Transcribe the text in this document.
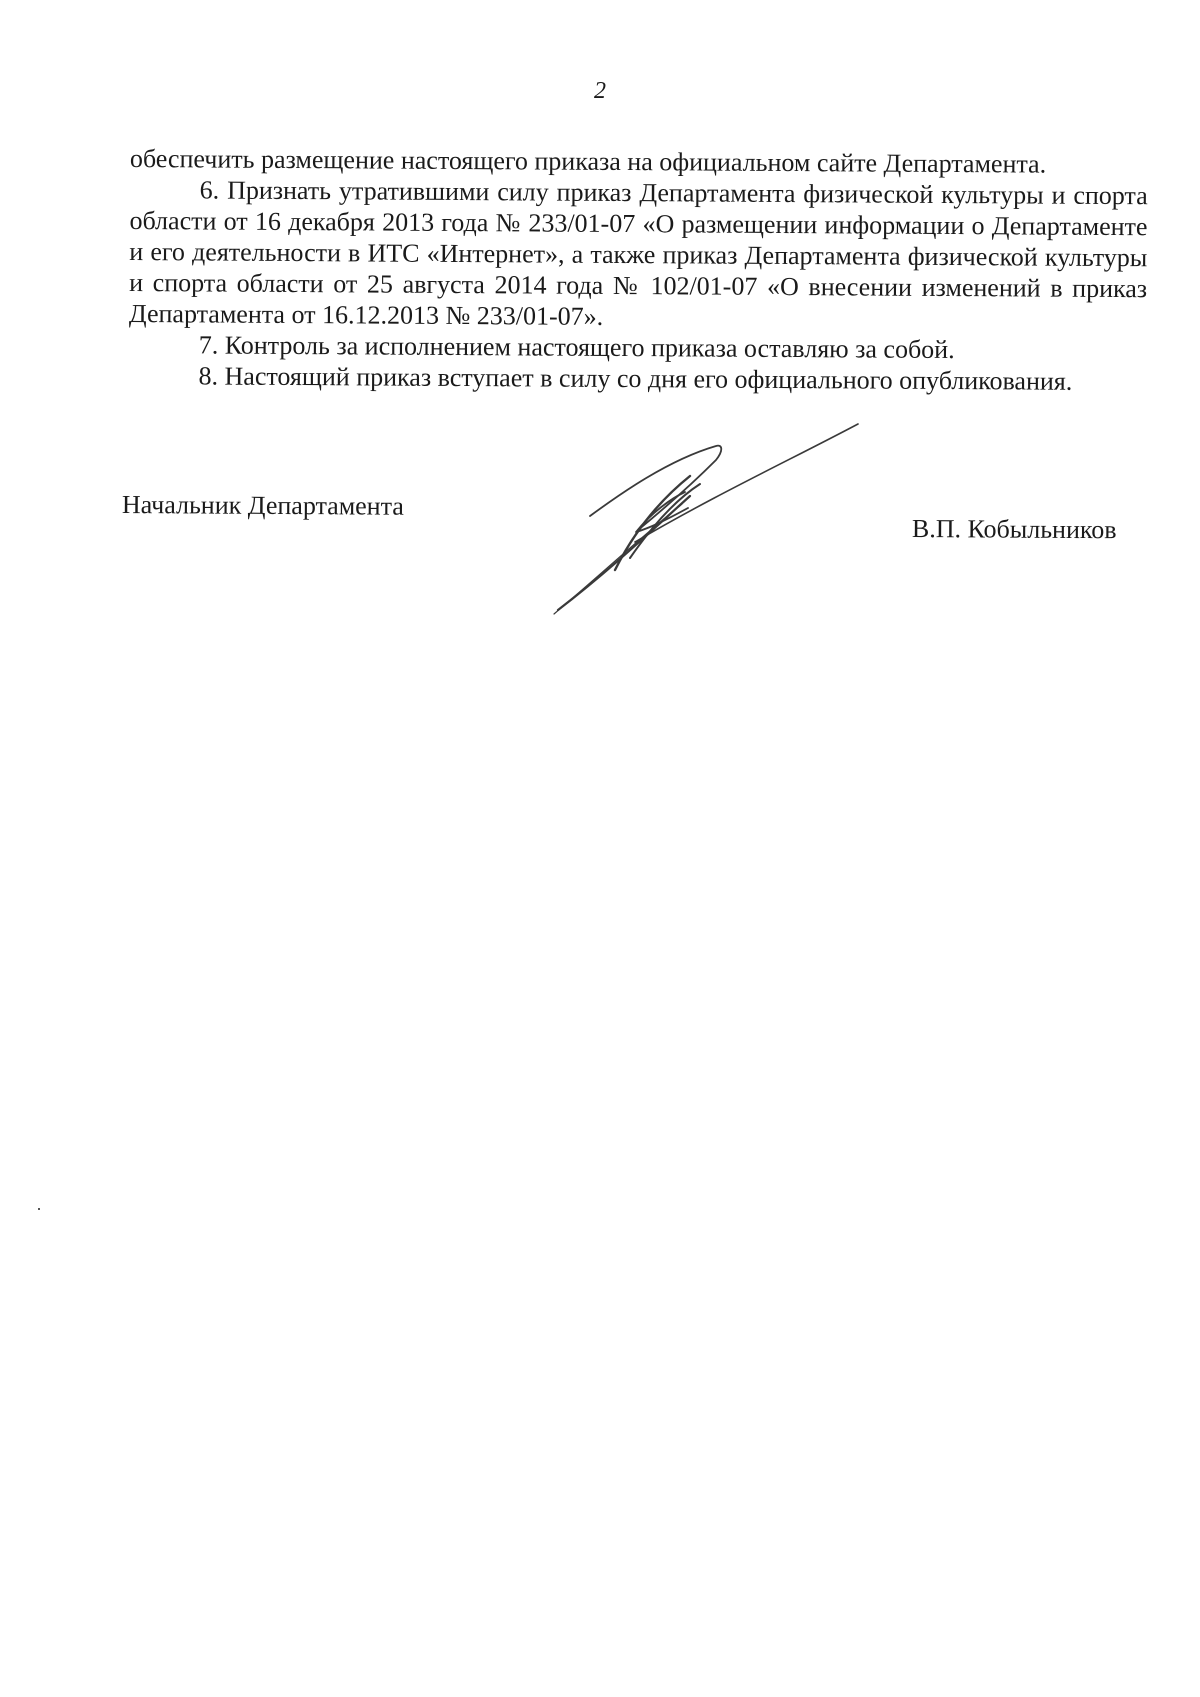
2

обеспечить размещение настоящего приказа на официальном сайте Департамента.

6. Признать утратившими силу приказ Департамента физической культуры и спорта области от 16 декабря 2013 года № 233/01-07 «О размещении информации о Департаменте и его деятельности в ИТС «Интернет», а также приказ Департамента физической культуры и спорта области от 25 августа 2014 года № 102/01-07 «О внесении изменений в приказ Департамента от 16.12.2013 № 233/01-07».

7. Контроль за исполнением настоящего приказа оставляю за собой.

8. Настоящий приказ вступает в силу со дня его официального опубликования.

Начальник Департамента
В.П. Кобыльников
